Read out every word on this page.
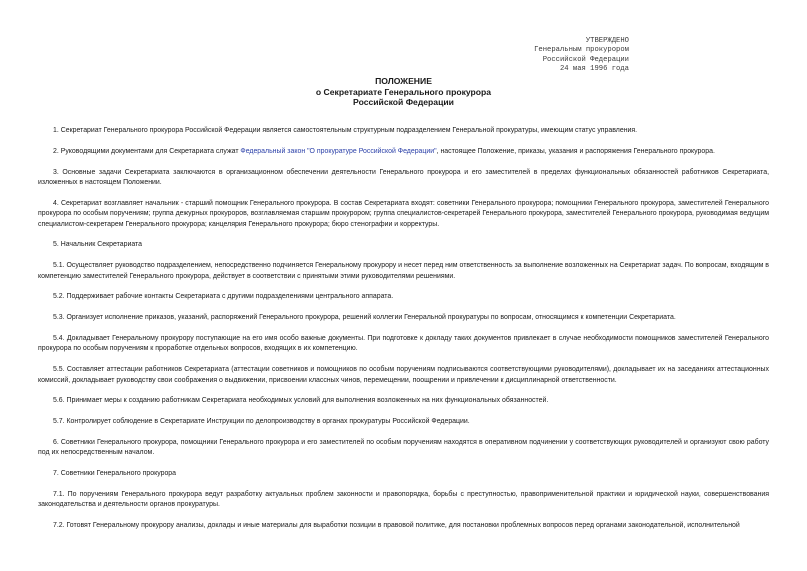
УТВЕРЖДЕНО
Генеральным прокурором
Российской Федерации
24 мая 1996 года
ПОЛОЖЕНИЕ
о Секретариате Генерального прокурора
Российской Федерации

1. Секретариат Генерального прокурора Российской Федерации является самостоятельным структурным подразделением Генеральной прокуратуры, имеющим статус управления.

2. Руководящими документами для Секретариата служат Федеральный закон "О прокуратуре Российской Федерации", настоящее Положение, приказы, указания и распоряжения Генерального прокурора.

3. Основные задачи Секретариата заключаются в организационном обеспечении деятельности Генерального прокурора и его заместителей в пределах функциональных обязанностей работников Секретариата, изложенных в настоящем Положении.

4. Секретариат возглавляет начальник - старший помощник Генерального прокурора. В состав Секретариата входят: советники Генерального прокурора; помощники Генерального прокурора, заместителей Генерального прокурора по особым поручениям; группа дежурных прокуроров, возглавляемая старшим прокурором; группа специалистов-секретарей Генерального прокурора, заместителей Генерального прокурора, руководимая ведущим специалистом-секретарем Генерального прокурора; канцелярия Генерального прокурора; бюро стенографии и корректуры.

5. Начальник Секретариата

5.1. Осуществляет руководство подразделением, непосредственно подчиняется Генеральному прокурору и несет перед ним ответственность за выполнение возложенных на Секретариат задач. По вопросам, входящим в компетенцию заместителей Генерального прокурора, действует в соответствии с принятыми этими руководителями решениями.

5.2. Поддерживает рабочие контакты Секретариата с другими подразделениями центрального аппарата.

5.3. Организует исполнение приказов, указаний, распоряжений Генерального прокурора, решений коллегии Генеральной прокуратуры по вопросам, относящимся к компетенции Секретариата.

5.4. Докладывает Генеральному прокурору поступающие на его имя особо важные документы. При подготовке к докладу таких документов привлекает в случае необходимости помощников заместителей Генерального прокурора по особым поручениям к проработке отдельных вопросов, входящих в их компетенцию.

5.5. Составляет аттестации работников Секретариата (аттестации советников и помощников по особым поручениям подписываются соответствующими руководителями), докладывает их на заседаниях аттестационных комиссий, докладывает руководству свои соображения о выдвижении, присвоении классных чинов, перемещении, поощрении и привлечении к дисциплинарной ответственности.

5.6. Принимает меры к созданию работникам Секретариата необходимых условий для выполнения возложенных на них функциональных обязанностей.

5.7. Контролирует соблюдение в Секретариате Инструкции по делопроизводству в органах прокуратуры Российской Федерации.

6. Советники Генерального прокурора, помощники Генерального прокурора и его заместителей по особым поручениям находятся в оперативном подчинении у соответствующих руководителей и организуют свою работу под их непосредственным началом.

7. Советники Генерального прокурора

7.1. По поручениям Генерального прокурора ведут разработку актуальных проблем законности и правопорядка, борьбы с преступностью, правоприменительной практики и юридической науки, совершенствования законодательства и деятельности органов прокуратуры.

7.2. Готовят Генеральному прокурору анализы, доклады и иные материалы для выработки позиции в правовой политике, для постановки проблемных вопросов перед органами законодательной, исполнительной
